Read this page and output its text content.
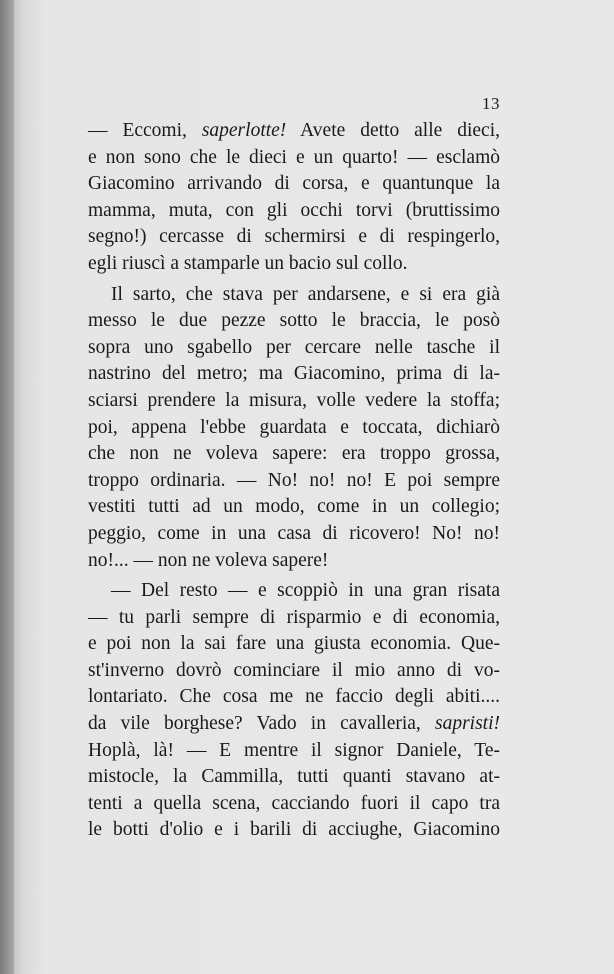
13
— Eccomi, saperlotte! Avete detto alle dieci,
e non sono che le dieci e un quarto! — esclamò
Giacomino arrivando di corsa, e quantunque la
mamma, muta, con gli occhi torvi (bruttissimo
segno!) cercasse di schermirsi e di respingerlo,
egli riuscì a stamparle un bacio sul collo.
Il sarto, che stava per andarsene, e si era già
messo le due pezze sotto le braccia, le posò
sopra uno sgabello per cercare nelle tasche il
nastrino del metro; ma Giacomino, prima di la-
sciarsi prendere la misura, volle vedere la stoffa;
poi, appena l'ebbe guardata e toccata, dichiarò
che non ne voleva sapere: era troppo grossa,
troppo ordinaria. — No! no! no! E poi sempre
vestiti tutti ad un modo, come in un collegio;
peggio, come in una casa di ricovero! No! no!
no!... — non ne voleva sapere!
— Del resto — e scoppiò in una gran risata
— tu parli sempre di risparmio e di economia,
e poi non la sai fare una giusta economia. Que-
st'inverno dovrò cominciare il mio anno di vo-
lontariato. Che cosa me ne faccio degli abiti....
da vile borghese? Vado in cavalleria, sapristi!
Hoplà, là! — E mentre il signor Daniele, Te-
mistocle, la Cammilla, tutti quanti stavano at-
tenti a quella scena, cacciando fuori il capo tra
le botti d'olio e i barili di acciughe, Giacomino
